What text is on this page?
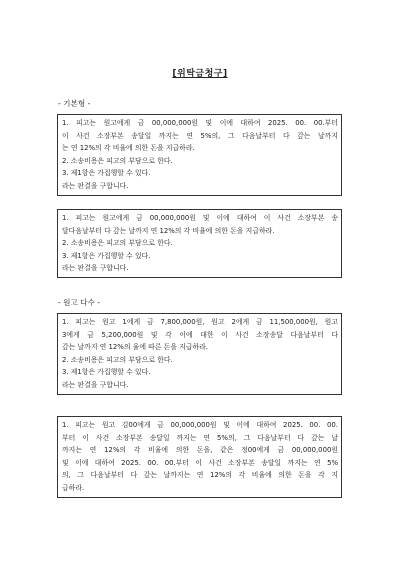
[위탁금청구]
- 기본형 -

1. 피고는 원고에게 금 00,000,000원 및 이에 대하여 2025. 00. 00.부터

이 사건 소장부본 송달일 까지는 연 5%의, 그 다음날부터 다 갚는 날까지

는 연 12%의 각 비율에 의한 돈을 지급하라.

2. 소송비용은 피고의 부담으로 한다.

3. 제1항은 가집행할 수 있다.

라는 판결을 구합니다.

1. 피고는 원고에게 금 00,000,000원 및 이에 대하여 이 사건 소장부본 송

달다음날부터 다 갚는 날까지 연 12%의 각 비율에 의한 돈을 지급하라.

2. 소송비용은 피고의 부담으로 한다.

3. 제1항은 가집행할 수 있다.

라는 판결을 구합니다.

- 원고 다수 -

1. 피고는 원고 1에게 금 7,800,000원, 원고 2에게 금 11,500,000원, 원고

3에게 금 5,200,000원 및 각 이에 대한 이 사건 소장송달 다음날부터 다

갚는 날까지 연 12%의 율에 따른 돈을 지급하라.

2. 소송비용은 피고의 부담으로 한다.

3. 제1항은 가집행할 수 있다.

라는 판결을 구합니다.

1. 피고는 원고 김00에게 금 00,000,000원 및 이에 대하여 2025. 00. 00.

부터 이 사건 소장부본 송달일 까지는 연 5%의, 그 다음날부터 다 갚는 날

까지는 연 12%의 각 비율에 의한 돈을, 같은 정00에게 금 00,000,000원

및 이에 대하여 2025. 00. 00.부터 이 사건 소장부본 송달일 까지는 연 5%

의, 그 다음날부터 다 갚는 날까지는 연 12%의 각 비율에 의한 돈을 각 지

급하라.
